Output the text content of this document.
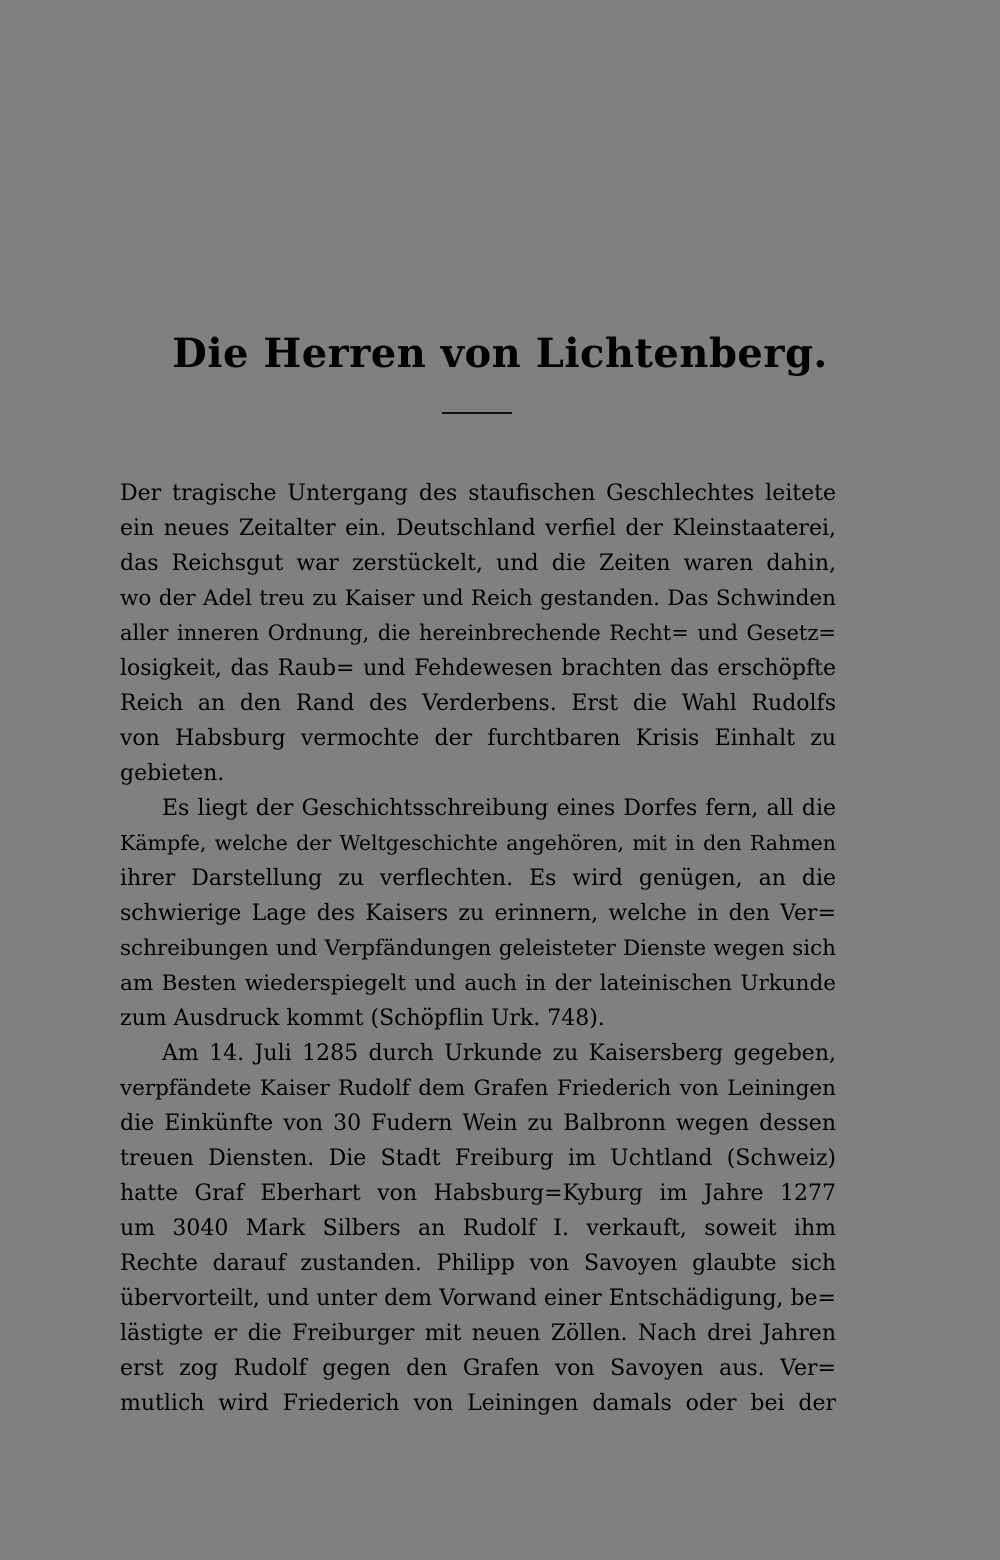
Die Herren von Lichtenberg.

Der tragische Untergang des staufischen Geschlechtes leitete
ein neues Zeitalter ein. Deutschland verfiel der Kleinstaaterei,
das Reichsgut war zerstückelt, und die Zeiten waren dahin,
wo der Adel treu zu Kaiser und Reich gestanden. Das Schwinden
aller inneren Ordnung, die hereinbrechende Recht= und Gesetz=
losigkeit, das Raub= und Fehdewesen brachten das erschöpfte
Reich an den Rand des Verderbens. Erst die Wahl Rudolfs
von Habsburg vermochte der furchtbaren Krisis Einhalt zu
gebieten.

Es liegt der Geschichtsschreibung eines Dorfes fern, all die
Kämpfe, welche der Weltgeschichte angehören, mit in den Rahmen
ihrer Darstellung zu verflechten. Es wird genügen, an die
schwierige Lage des Kaisers zu erinnern, welche in den Ver=
schreibungen und Verpfändungen geleisteter Dienste wegen sich
am Besten wiederspiegelt und auch in der lateinischen Urkunde
zum Ausdruck kommt (Schöpflin Urk. 748).

Am 14. Juli 1285 durch Urkunde zu Kaisersberg gegeben,
verpfändete Kaiser Rudolf dem Grafen Friederich von Leiningen
die Einkünfte von 30 Fudern Wein zu Balbronn wegen dessen
treuen Diensten. Die Stadt Freiburg im Uchtland (Schweiz)
hatte Graf Eberhart von Habsburg=Kyburg im Jahre 1277
um 3040 Mark Silbers an Rudolf I. verkauft, soweit ihm
Rechte darauf zustanden. Philipp von Savoyen glaubte sich
übervorteilt, und unter dem Vorwand einer Entschädigung, be=
lästigte er die Freiburger mit neuen Zöllen. Nach drei Jahren
erst zog Rudolf gegen den Grafen von Savoyen aus. Ver=
mutlich wird Friederich von Leiningen damals oder bei der
